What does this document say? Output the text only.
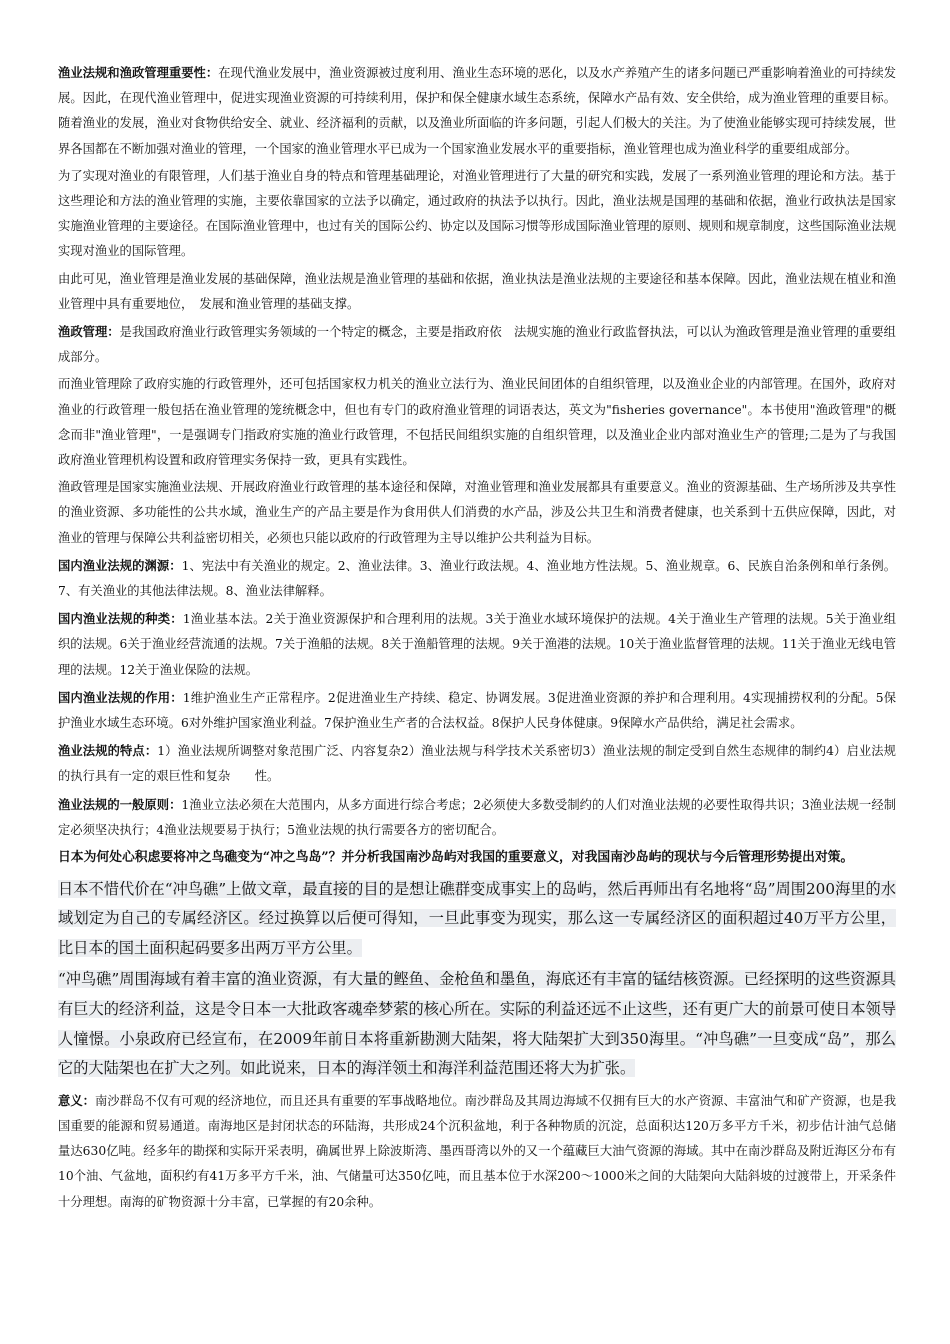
渔业法规和渔政管理重要性：在现代渔业发展中，渔业资源被过度利用、渔业生态环境的恶化，以及水产养殖产生的诸多问题已严重影响着渔业的可持续发展。因此，在现代渔业管理中，促进实现渔业资源的可持续利用，保护和保全健康水域生态系统，保障水产品有效、安全供给，成为渔业管理的重要目标。随着渔业的发展，渔业对食物供给安全、就业、经济福利的贡献，以及渔业所面临的许多问题，引起人们极大的关注。为了使渔业能够实现可持续发展，世界各国都在不断加强对渔业的管理，一个国家的渔业管理水平已成为一个国家渔业发展水平的重要指标，渔业管理也成为渔业科学的重要组成部分。

为了实现对渔业的有限管理，人们基于渔业自身的特点和管理基础理论，对渔业管理进行了大量的研究和实践，发展了一系列渔业管理的理论和方法。基于这些理论和方法的渔业管理的实施，主要依靠国家的立法予以确定，通过政府的执法予以执行。因此，渔业法规是国理的基础和依据，渔业行政执法是国家实施渔业管理的主要途径。在国际渔业管理中，也过有关的国际公约、协定以及国际习惯等形成国际渔业管理的原则、规则和规章制度，这些国际渔业法规实现对渔业的国际管理。

由此可见，渔业管理是渔业发展的基础保障，渔业法规是渔业管理的基础和依据，渔业执法是渔业法规的主要途径和基本保障。因此，渔业法规在植业和渔业管理中具有重要地位，　发展和渔业管理的基础支撑。

渔政管理：是我国政府渔业行政管理实务领域的一个特定的概念，主要是指政府依　法规实施的渔业行政监督执法，可以认为渔政管理是渔业管理的重要组成部分。

而渔业管理除了政府实施的行政管理外，还可包括国家权力机关的渔业立法行为、渔业民间团体的自组织管理，以及渔业企业的内部管理。在国外，政府对渔业的行政管理一般包括在渔业管理的笼统概念中，但也有专门的政府渔业管理的词语表达，英文为"fisheries governance"。本书使用"渔政管理"的概念而非"渔业管理"，一是强调专门指政府实施的渔业行政管理，不包括民间组织实施的自组织管理，以及渔业企业内部对渔业生产的管理;二是为了与我国政府渔业管理机构设置和政府管理实务保持一致，更具有实践性。

渔政管理是国家实施渔业法规、开展政府渔业行政管理的基本途径和保障，对渔业管理和渔业发展都具有重要意义。渔业的资源基础、生产场所涉及共享性的渔业资源、多功能性的公共水域，渔业生产的产品主要是作为食用供人们消费的水产品，涉及公共卫生和消费者健康，也关系到十五供应保障，因此，对渔业的管理与保障公共利益密切相关，必须也只能以政府的行政管理为主导以维护公共利益为目标。

国内渔业法规的渊源：1、宪法中有关渔业的规定。2、渔业法律。3、渔业行政法规。4、渔业地方性法规。5、渔业规章。6、民族自治条例和单行条例。7、有关渔业的其他法律法规。8、渔业法律解释。

国内渔业法规的种类：1渔业基本法。2关于渔业资源保护和合理利用的法规。3关于渔业水域环境保护的法规。4关于渔业生产管理的法规。5关于渔业组织的法规。6关于渔业经营流通的法规。7关于渔船的法规。8关于渔船管理的法规。9关于渔港的法规。10关于渔业监督管理的法规。11关于渔业无线电管理的法规。12关于渔业保险的法规。

国内渔业法规的作用：1维护渔业生产正常程序。2促进渔业生产持续、稳定、协调发展。3促进渔业资源的养护和合理利用。4实现捕捞权利的分配。5保护渔业水域生态环境。6对外维护国家渔业利益。7保护渔业生产者的合法权益。8保护人民身体健康。9保障水产品供给，满足社会需求。

渔业法规的特点：1）渔业法规所调整对象范围广泛、内容复杂2）渔业法规与科学技术关系密切3）渔业法规的制定受到自然生态规律的制约4）启业法规的执行具有一定的艰巨性和复杂　　性。

渔业法规的一般原则：1渔业立法必须在大范围内，从多方面进行综合考虑；2必须使大多数受制约的人们对渔业法规的必要性取得共识；3渔业法规一经制定必须坚决执行；4渔业法规要易于执行；5渔业法规的执行需要各方的密切配合。

日本为何处心积虑要将冲之鸟礁变为“冲之鸟岛”？并分析我国南沙岛屿对我国的重要意义，对我国南沙岛屿的现状与今后管理形势提出对策。

日本不惜代价在“冲鸟礁”上做文章，最直接的目的是想让礁群变成事实上的岛屿，然后再师出有名地将“岛”周围200海里的水域划定为自己的专属经济区。经过换算以后便可得知，一旦此事变为现实，那么这一专属经济区的面积超过40万平方公里，比日本的国土面积起码要多出两万平方公里。

“冲鸟礁”周围海域有着丰富的渔业资源，有大量的鲣鱼、金枪鱼和墨鱼，海底还有丰富的锰结核资源。已经探明的这些资源具有巨大的经济利益，这是令日本一大批政客魂牵梦萦的核心所在。实际的利益还远不止这些，还有更广大的前景可使日本领导人憧憬。小泉政府已经宣布，在2009年前日本将重新勘测大陆架，将大陆架扩大到350海里。“冲鸟礁”一旦变成“岛”，那么它的大陆架也在扩大之列。如此说来，日本的海洋领土和海洋利益范围还将大为扩张。

意义：南沙群岛不仅有可观的经济地位，而且还具有重要的军事战略地位。南沙群岛及其周边海域不仅拥有巨大的水产资源、丰富油气和矿产资源，也是我国重要的能源和贸易通道。南海地区是封闭状态的环陆海，共形成24个沉积盆地，利于各种物质的沉淀，总面积达120万多平方千米，初步估计油气总储量达630亿吨。经多年的勘探和实际开采表明，确属世界上除波斯湾、墨西哥湾以外的又一个蕴藏巨大油气资源的海域。其中在南沙群岛及附近海区分布有10个油、气盆地，面积约有41万多平方千米，油、气储量可达350亿吨，而且基本位于水深200～1000米之间的大陆架向大陆斜坡的过渡带上，开采条件十分理想。南海的矿物资源十分丰富，已掌握的有20余种。
